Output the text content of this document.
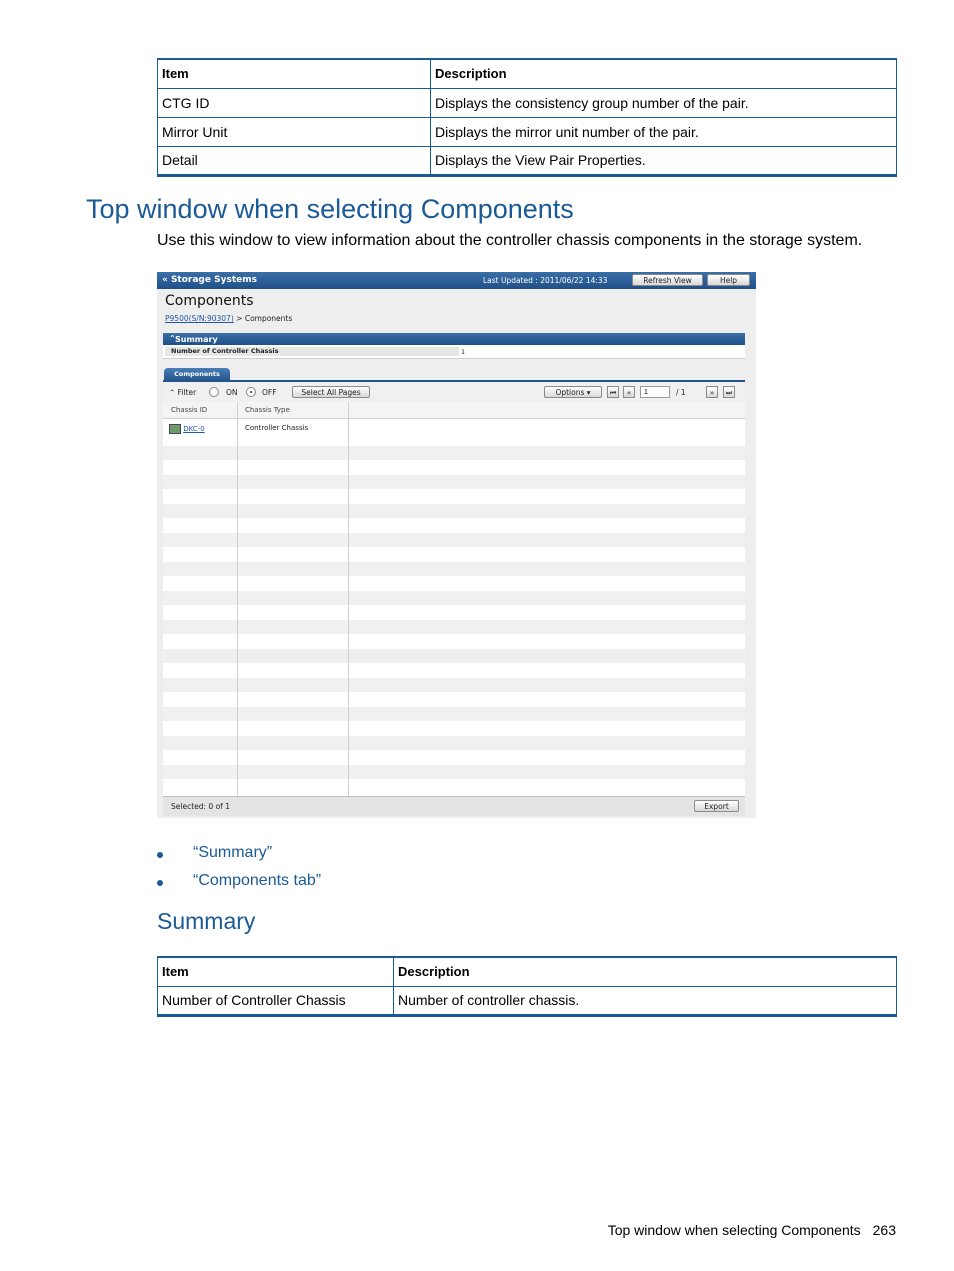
Item	Description
CTG ID	Displays the consistency group number of the pair.
Mirror Unit	Displays the mirror unit number of the pair.
Detail	Displays the View Pair Properties.
Top window when selecting Components

Use this window to view information about the controller chassis components in the storage system.

« Storage Systems	Last Updated : 2011/06/22 14:33	Refresh View	Help
Components
P9500(S/N:90307) > Components
⌃ Summary
Number of Controller Chassis	1
Components
⌃ Filter	ON	OFF	Select All Pages	Options ▾	⏮	«
1	/ 1	»	⏭
Chassis ID	Chassis Type
DKC-0	Controller Chassis
Selected: 0 of 1	Export
“Summary”
“Components tab”
Summary
Item	Description
Number of Controller Chassis	Number of controller chassis.
Top window when selecting Components 263
